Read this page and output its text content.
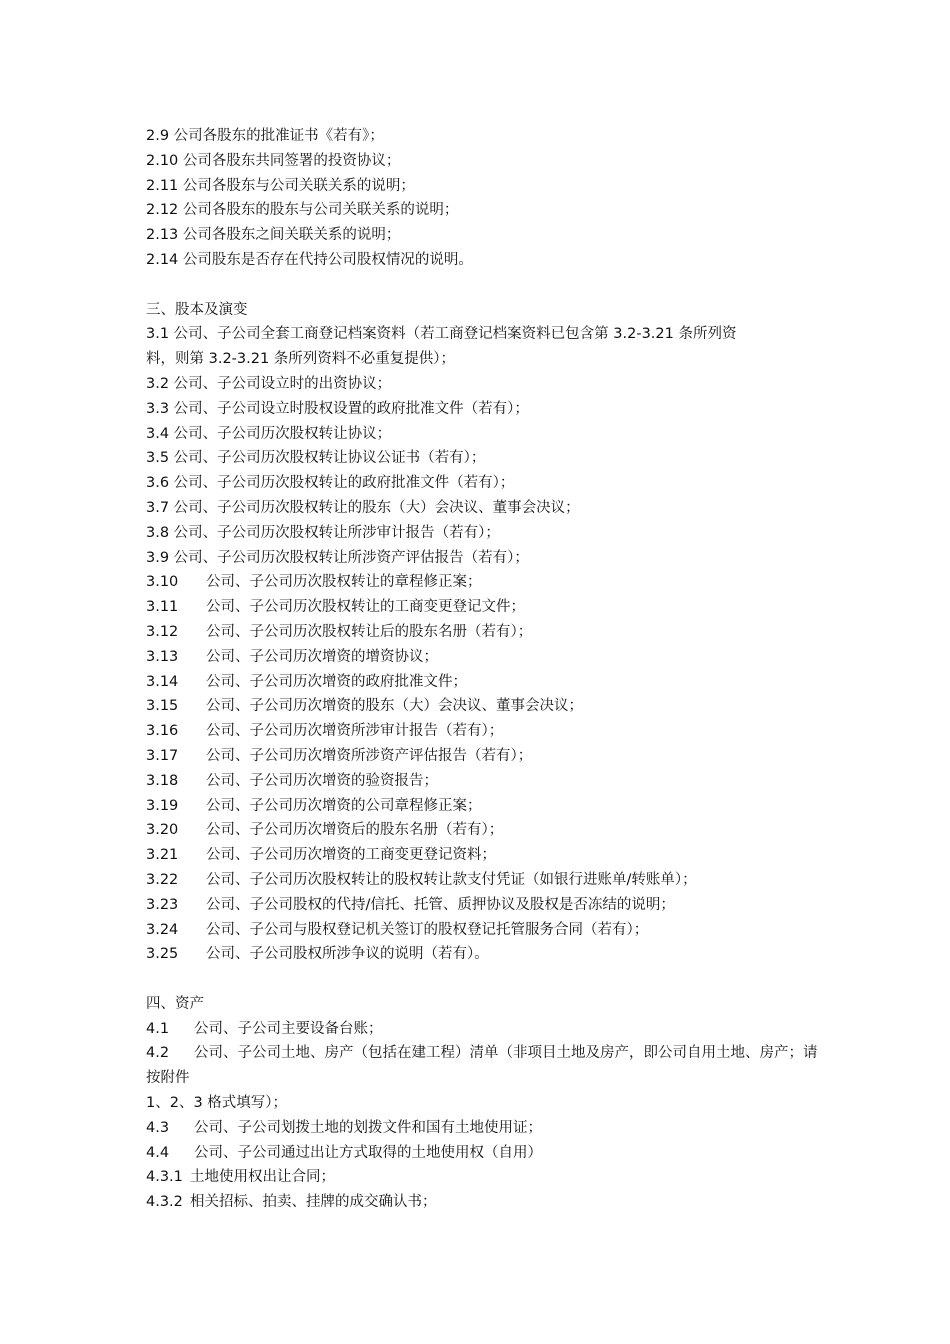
2.9 公司各股东的批准证书《若有》；
2.10 公司各股东共同签署的投资协议；
2.11 公司各股东与公司关联关系的说明；
2.12 公司各股东的股东与公司关联关系的说明；
2.13 公司各股东之间关联关系的说明；
2.14 公司股东是否存在代持公司股权情况的说明。
三、股本及演变
3.1 公司、子公司全套工商登记档案资料（若工商登记档案资料已包含第 3.2-3.21 条所列资
料，则第 3.2-3.21 条所列资料不必重复提供）；
3.2 公司、子公司设立时的出资协议；
3.3 公司、子公司设立时股权设置的政府批准文件（若有）；
3.4 公司、子公司历次股权转让协议；
3.5 公司、子公司历次股权转让协议公证书（若有）；
3.6 公司、子公司历次股权转让的政府批准文件（若有）；
3.7 公司、子公司历次股权转让的股东（大）会决议、董事会决议；
3.8 公司、子公司历次股权转让所涉审计报告（若有）；
3.9 公司、子公司历次股权转让所涉资产评估报告（若有）；
3.10 公司、子公司历次股权转让的章程修正案；
3.11 公司、子公司历次股权转让的工商变更登记文件；
3.12 公司、子公司历次股权转让后的股东名册（若有）；
3.13 公司、子公司历次增资的增资协议；
3.14 公司、子公司历次增资的政府批准文件；
3.15 公司、子公司历次增资的股东（大）会决议、董事会决议；
3.16 公司、子公司历次增资所涉审计报告（若有）；
3.17 公司、子公司历次增资所涉资产评估报告（若有）；
3.18 公司、子公司历次增资的验资报告；
3.19 公司、子公司历次增资的公司章程修正案；
3.20 公司、子公司历次增资后的股东名册（若有）；
3.21 公司、子公司历次增资的工商变更登记资料；
3.22 公司、子公司历次股权转让的股权转让款支付凭证（如银行进账单/转账单）；
3.23 公司、子公司股权的代持/信托、托管、质押协议及股权是否冻结的说明；
3.24 公司、子公司与股权登记机关签订的股权登记托管服务合同（若有）；
3.25 公司、子公司股权所涉争议的说明（若有）。
四、资产
4.1 公司、子公司主要设备台账；
4.2 公司、子公司土地、房产（包括在建工程）清单（非项目土地及房产，即公司自用土地、房产；请按附件
1、2、3 格式填写）；
4.3 公司、子公司划拨土地的划拨文件和国有土地使用证；
4.4 公司、子公司通过出让方式取得的土地使用权（自用）
4.3.1 土地使用权出让合同；
4.3.2 相关招标、拍卖、挂牌的成交确认书；
